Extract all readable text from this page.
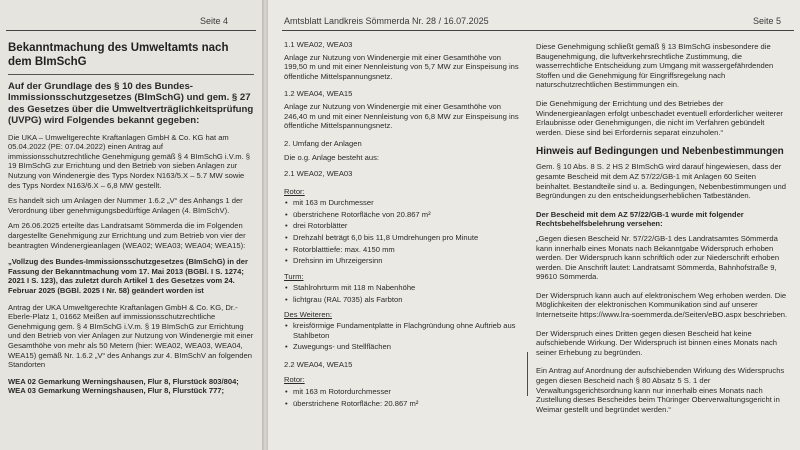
Seite 4
Bekanntmachung des Umweltamts nach dem BImSchG

Auf der Grundlage des § 10 des Bundes-Immissionsschutzgesetzes (BImSchG) und gem. § 27 des Gesetzes über die Umweltverträglichkeitsprüfung (UVPG) wird Folgendes bekannt gegeben:

Die UKA – Umweltgerechte Kraftanlagen GmbH & Co. KG hat am 05.04.2022 (PE: 07.04.2022) einen Antrag auf immissionsschutzrechtliche Genehmigung gemäß § 4 BImSchG i.V.m. § 19 BImSchG zur Errichtung und den Betrieb von sieben Anlagen zur Nutzung von Windenergie des Typs Nordex N163/5.X – 5.7 MW sowie des Typs Nordex N163/6.X – 6,8 MW gestellt.

Es handelt sich um Anlagen der Nummer 1.6.2 „V“ des Anhangs 1 der Verordnung über genehmigungsbedürftige Anlagen (4. BImSchV).

Am 26.06.2025 erteilte das Landratsamt Sömmerda die im Folgenden dargestellte Genehmigung zur Errichtung und zum Betrieb von vier der beantragten Windenergieanlagen (WEA02; WEA03; WEA04; WEA15):

„Vollzug des Bundes-Immissionsschutzgesetzes (BImSchG) in der Fassung der Bekanntmachung vom 17. Mai 2013 (BGBl. I S. 1274; 2021 I S. 123), das zuletzt durch Artikel 1 des Gesetzes vom 24. Februar 2025 (BGBl. 2025 I Nr. 58) geändert worden ist

Antrag der UKA Umweltgerechte Kraftanlagen GmbH & Co. KG, Dr.-Eberle-Platz 1, 01662 Meißen auf immissionsschutzrechtliche Genehmigung gem. § 4 BImSchG i.V.m. § 19 BImSchG zur Errichtung und den Betrieb von vier Anlagen zur Nutzung von Windenergie mit einer Gesamthöhe von mehr als 50 Metern (hier: WEA02, WEA03, WEA04, WEA15) gemäß Nr. 1.6.2 „V“ des Anhangs zur 4. BImSchV an folgenden Standorten

WEA 02 Gemarkung Werningshausen, Flur 8, Flurstück 803/804;

WEA 03 Gemarkung Werningshausen, Flur 8, Flurstück 777;

Amtsblatt Landkreis Sömmerda Nr. 28 / 16.07.2025	Seite 5

1.1 WEA02, WEA03

Anlage zur Nutzung von Windenergie mit einer Gesamthöhe von 199,50 m und mit einer Nennleistung von 5,7 MW zur Einspeisung ins öffentliche Mittelspannungsnetz.

1.2 WEA04, WEA15

Anlage zur Nutzung von Windenergie mit einer Gesamthöhe von 246,40 m und mit einer Nennleistung von 6,8 MW zur Einspeisung ins öffentliche Mittelspannungsnetz.

2. Umfang der Anlagen

Die o.g. Anlage besteht aus:

2.1 WEA02, WEA03

Rotor:

• mit 163 m Durchmesser
• überstrichene Rotorfläche von 20.867 m²
• drei Rotorblätter
• Drehzahl beträgt 6,0 bis 11,8 Umdrehungen pro Minute
• Rotorblatttiefe: max. 4150 mm
• Drehsinn im Uhrzeigersinn

Turm:

• Stahlrohrturm mit 118 m Nabenhöhe
• lichtgrau (RAL 7035) als Farbton

Des Weiteren:

• kreisförmige Fundamentplatte in Flachgründung ohne Auftrieb aus Stahlbeton
• Zuwegungs- und Stellflächen

2.2 WEA04, WEA15

Rotor:

• mit 163 m Rotordurchmesser
• überstrichene Rotorfläche: 20.867 m²

Diese Genehmigung schließt gemäß § 13 BImSchG insbesondere die Baugenehmigung, die luftverkehrsrechtliche Zustimmung, die wasserrechtliche Entscheidung zum Umgang mit wassergefährdenden Stoffen und die Genehmigung für Eingriffsregelung nach naturschutzrechtlichen Bestimmungen ein.

Die Genehmigung der Errichtung und des Betriebes der Windenergieanlagen erfolgt unbeschadet eventuell erforderlicher weiterer Erlaubnisse oder Genehmigungen, die nicht im Verfahren gebündelt werden. Diese sind bei Erfordernis separat einzuholen.“

Hinweis auf Bedingungen und Nebenbestimmungen

Gem. § 10 Abs. 8 S. 2 HS 2 BImSchG wird darauf hingewiesen, dass der gesamte Bescheid mit dem AZ 57/22/GB-1 mit Anlagen 60 Seiten beinhaltet. Bestandteile sind u. a. Bedingungen, Nebenbestimmungen und Begründungen zu den entscheidungserheblichen Tatbeständen.

Der Bescheid mit dem AZ 57/22/GB-1 wurde mit folgender Rechtsbehelfsbelehrung versehen:

„Gegen diesen Bescheid Nr. 57/22/GB-1 des Landratsamtes Sömmerda kann innerhalb eines Monats nach Bekanntgabe Widerspruch erhoben werden. Der Widerspruch kann schriftlich oder zur Niederschrift erhoben werden. Die Anschrift lautet: Landratsamt Sömmerda, Bahnhofstraße 9, 99610 Sömmerda.

Der Widerspruch kann auch auf elektronischem Weg erhoben werden. Die Möglichkeiten der elektronischen Kommunikation sind auf unserer Internetseite https://www.lra-soemmerda.de/Seiten/eBO.aspx beschrieben.

Der Widerspruch eines Dritten gegen diesen Bescheid hat keine aufschiebende Wirkung. Der Widerspruch ist binnen eines Monats nach seiner Erhebung zu begründen.

Ein Antrag auf Anordnung der aufschiebenden Wirkung des Widerspruchs gegen diesen Bescheid nach § 80 Absatz 5 S. 1 der Verwaltungsgerichtsordnung kann nur innerhalb eines Monats nach Zustellung dieses Bescheides beim Thüringer Oberverwaltungsgericht in Weimar gestellt und begründet werden.“
